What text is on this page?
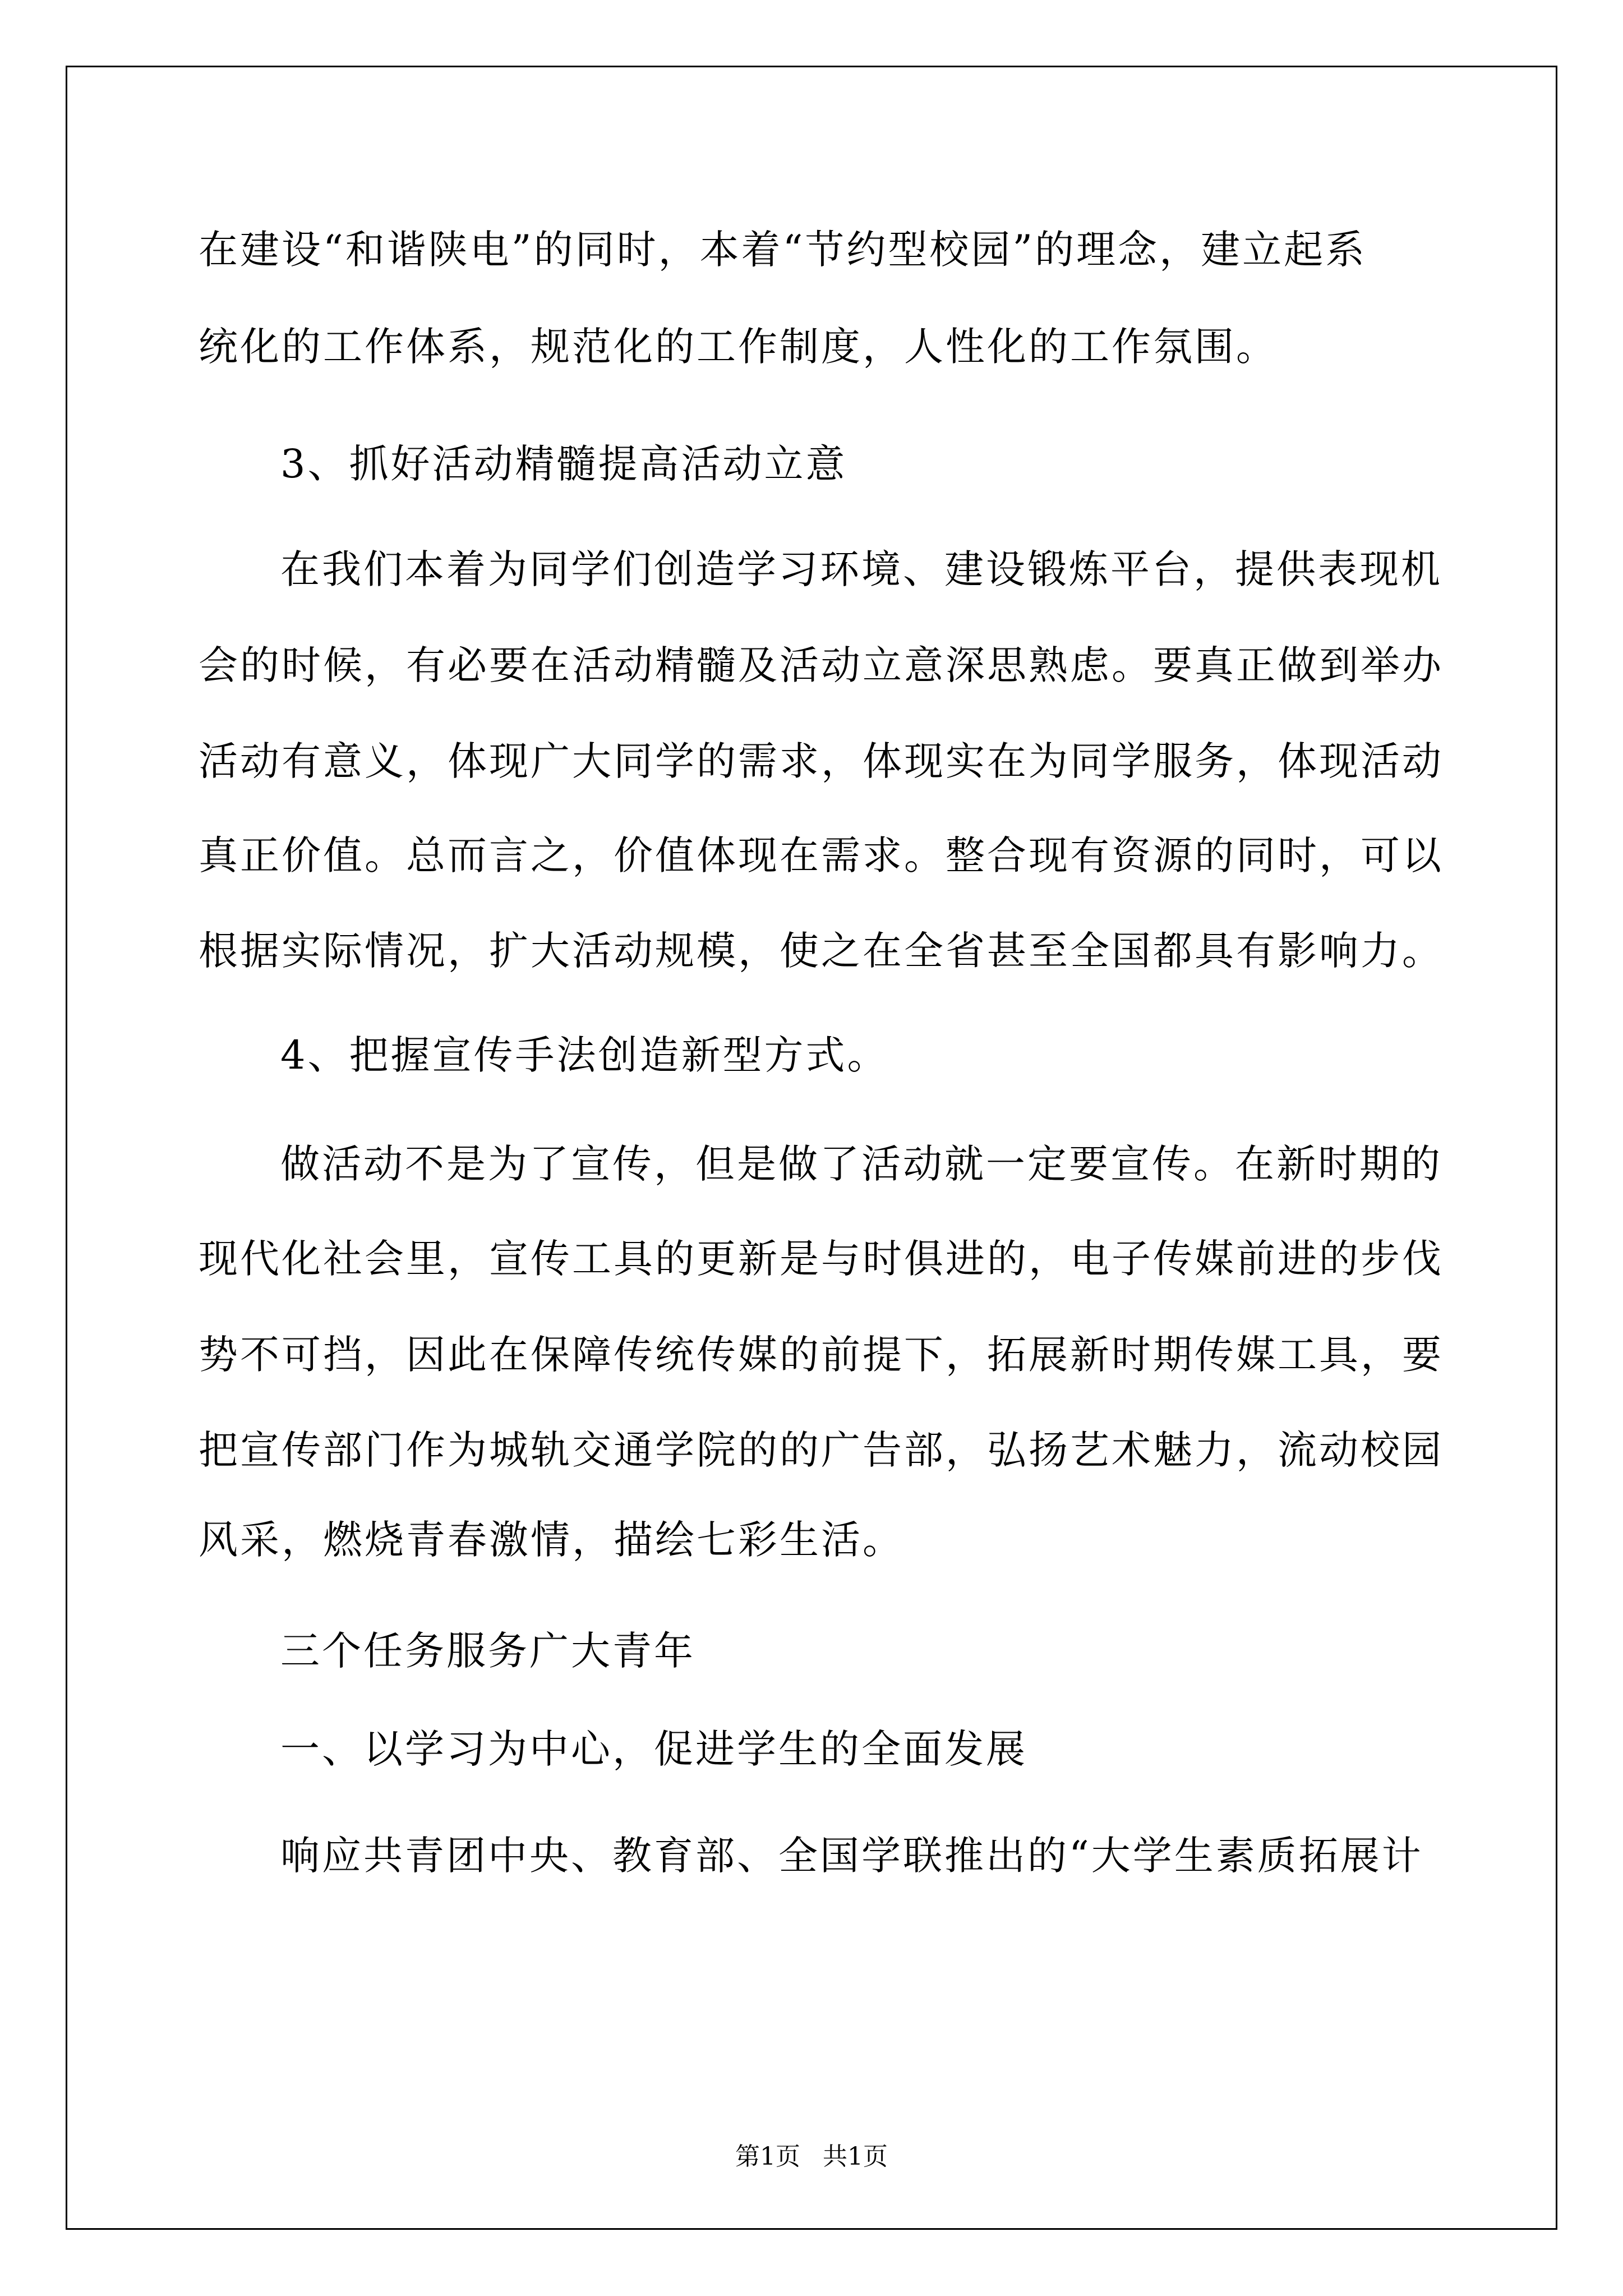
在建设“和谐陕电”的同时，本着“节约型校园”的理念，建立起系
统化的工作体系，规范化的工作制度，人性化的工作氛围。
3、抓好活动精髓提高活动立意
在我们本着为同学们创造学习环境、建设锻炼平台，提供表现机
会的时候，有必要在活动精髓及活动立意深思熟虑。要真正做到举办
活动有意义，体现广大同学的需求，体现实在为同学服务，体现活动
真正价值。总而言之，价值体现在需求。整合现有资源的同时，可以
根据实际情况，扩大活动规模，使之在全省甚至全国都具有影响力。
4、把握宣传手法创造新型方式。
做活动不是为了宣传，但是做了活动就一定要宣传。在新时期的
现代化社会里，宣传工具的更新是与时俱进的，电子传媒前进的步伐
势不可挡，因此在保障传统传媒的前提下，拓展新时期传媒工具，要
把宣传部门作为城轨交通学院的的广告部，弘扬艺术魅力，流动校园
风采，燃烧青春激情，描绘七彩生活。
三个任务服务广大青年
一、以学习为中心，促进学生的全面发展
响应共青团中央、教育部、全国学联推出的“大学生素质拓展计
第1页 共1页
